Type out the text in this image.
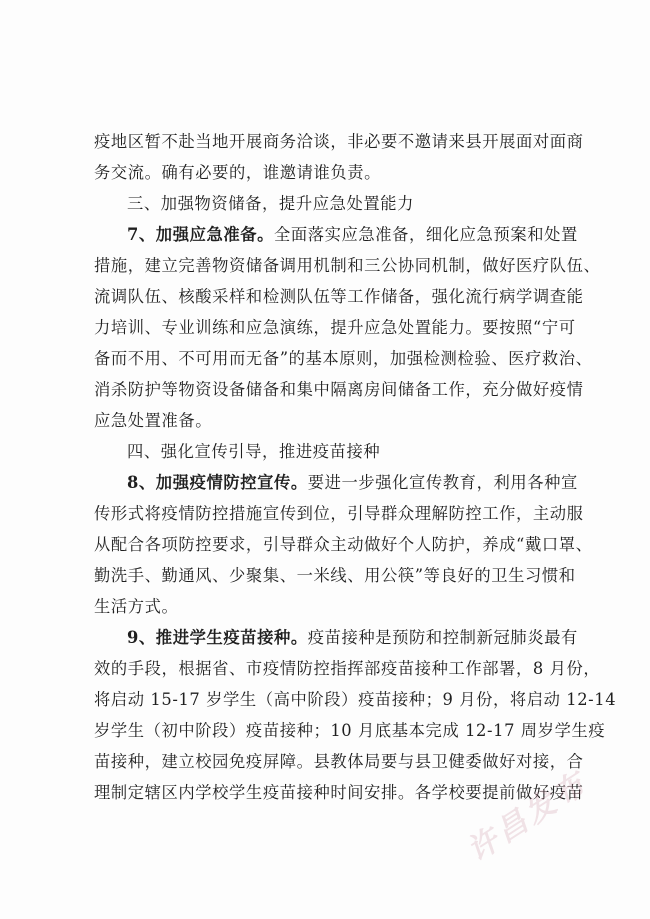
疫地区暂不赴当地开展商务洽谈，非必要不邀请来县开展面对面商
务交流。确有必要的，谁邀请谁负责。
三、加强物资储备，提升应急处置能力
7、加强应急准备。全面落实应急准备，细化应急预案和处置
措施，建立完善物资储备调用机制和三公协同机制，做好医疗队伍、
流调队伍、核酸采样和检测队伍等工作储备，强化流行病学调查能
力培训、专业训练和应急演练，提升应急处置能力。要按照“宁可
备而不用、不可用而无备”的基本原则，加强检测检验、医疗救治、
消杀防护等物资设备储备和集中隔离房间储备工作，充分做好疫情
应急处置准备。
四、强化宣传引导，推进疫苗接种
8、加强疫情防控宣传。要进一步强化宣传教育，利用各种宣
传形式将疫情防控措施宣传到位，引导群众理解防控工作，主动服
从配合各项防控要求，引导群众主动做好个人防护，养成“戴口罩、
勤洗手、勤通风、少聚集、一米线、用公筷”等良好的卫生习惯和
生活方式。
9、推进学生疫苗接种。疫苗接种是预防和控制新冠肺炎最有
效的手段，根据省、市疫情防控指挥部疫苗接种工作部署，8 月份，
将启动 15-17 岁学生（高中阶段）疫苗接种；9 月份，将启动 12-14
岁学生（初中阶段）疫苗接种；10 月底基本完成 12-17 周岁学生疫
苗接种，建立校园免疫屏障。县教体局要与县卫健委做好对接，合
理制定辖区内学校学生疫苗接种时间安排。各学校要提前做好疫苗
许昌发布
